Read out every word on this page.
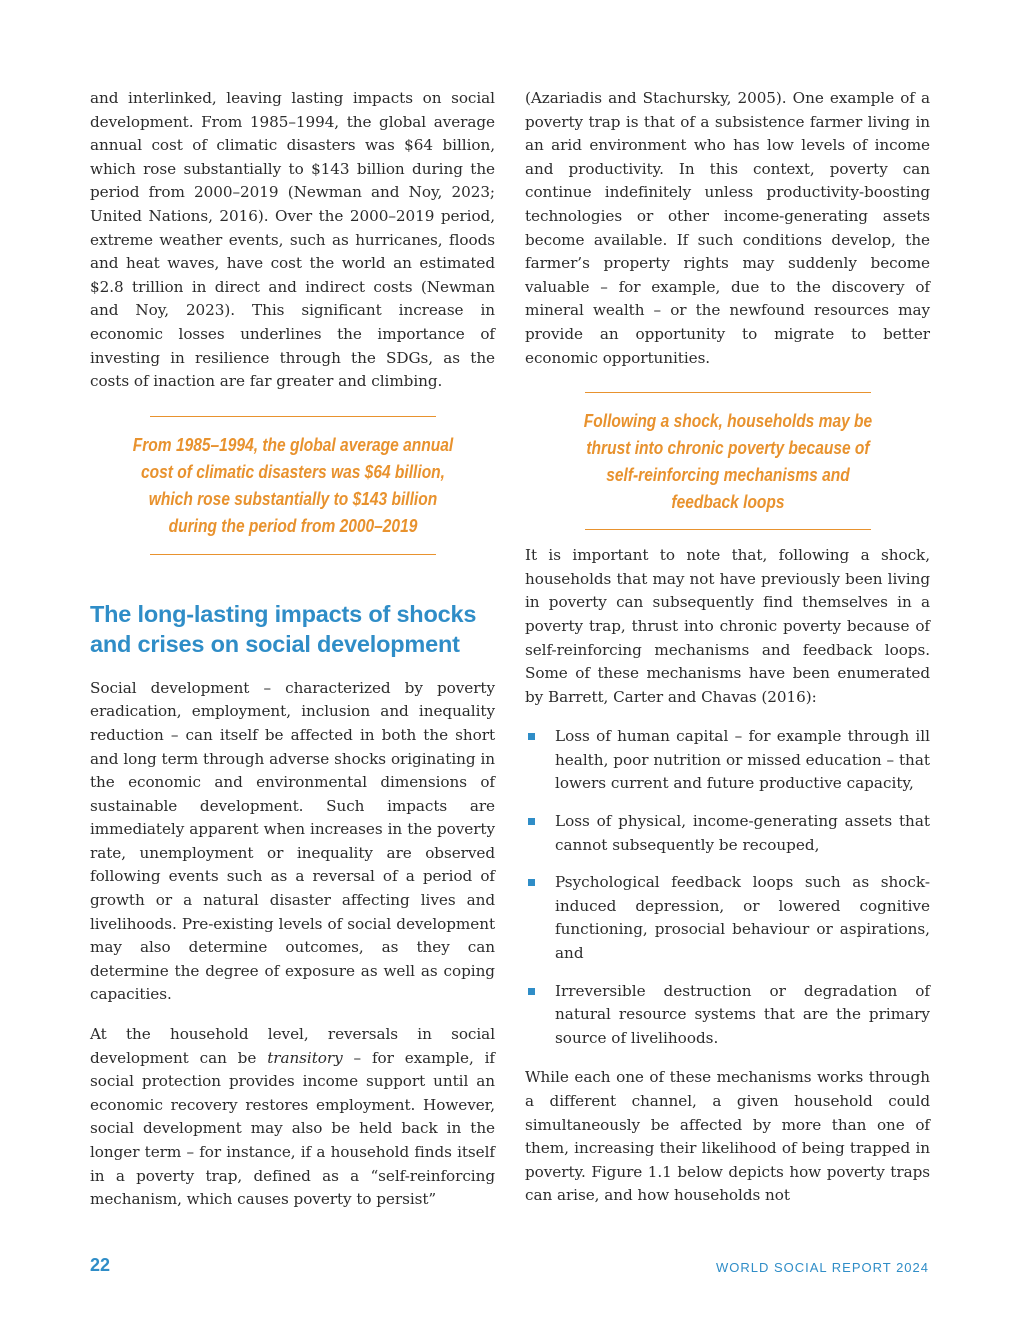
and interlinked, leaving lasting impacts on social development. From 1985–1994, the global average annual cost of climatic disasters was $64 billion, which rose substantially to $143 billion during the period from 2000–2019 (Newman and Noy, 2023; United Nations, 2016). Over the 2000–2019 period, extreme weather events, such as hurricanes, floods and heat waves, have cost the world an estimated $2.8 trillion in direct and indirect costs (Newman and Noy, 2023). This significant increase in economic losses underlines the importance of investing in resilience through the SDGs, as the costs of inaction are far greater and climbing.

From 1985–1994, the global average annual cost of climatic disasters was $64 billion, which rose substantially to $143 billion during the period from 2000–2019
The long-lasting impacts of shocks and crises on social development

Social development – characterized by poverty eradication, employment, inclusion and inequality reduction – can itself be affected in both the short and long term through adverse shocks originating in the economic and environmental dimensions of sustainable development. Such impacts are immediately apparent when increases in the poverty rate, unemployment or inequality are observed following events such as a reversal of a period of growth or a natural disaster affecting lives and livelihoods. Pre-existing levels of social development may also determine outcomes, as they can determine the degree of exposure as well as coping capacities.

At the household level, reversals in social development can be transitory – for example, if social protection provides income support until an economic recovery restores employment. However, social development may also be held back in the longer term – for instance, if a household finds itself in a poverty trap, defined as a “self-reinforcing mechanism, which causes poverty to persist”

(Azariadis and Stachursky, 2005). One example of a poverty trap is that of a subsistence farmer living in an arid environment who has low levels of income and productivity. In this context, poverty can continue indefinitely unless productivity-boosting technologies or other income-generating assets become available. If such conditions develop, the farmer’s property rights may suddenly become valuable – for example, due to the discovery of mineral wealth – or the newfound resources may provide an opportunity to migrate to better economic opportunities.

Following a shock, households may be thrust into chronic poverty because of self-reinforcing mechanisms and feedback loops

It is important to note that, following a shock, households that may not have previously been living in poverty can subsequently find themselves in a poverty trap, thrust into chronic poverty because of self-reinforcing mechanisms and feedback loops. Some of these mechanisms have been enumerated by Barrett, Carter and Chavas (2016):

Loss of human capital – for example through ill health, poor nutrition or missed education – that lowers current and future productive capacity,

Loss of physical, income-generating assets that cannot subsequently be recouped,

Psychological feedback loops such as shock-induced depression, or lowered cognitive functioning, prosocial behaviour or aspirations, and

Irreversible destruction or degradation of natural resource systems that are the primary source of livelihoods.

While each one of these mechanisms works through a different channel, a given household could simultaneously be affected by more than one of them, increasing their likelihood of being trapped in poverty. Figure 1.1 below depicts how poverty traps can arise, and how households not

22	WORLD SOCIAL REPORT 2024
